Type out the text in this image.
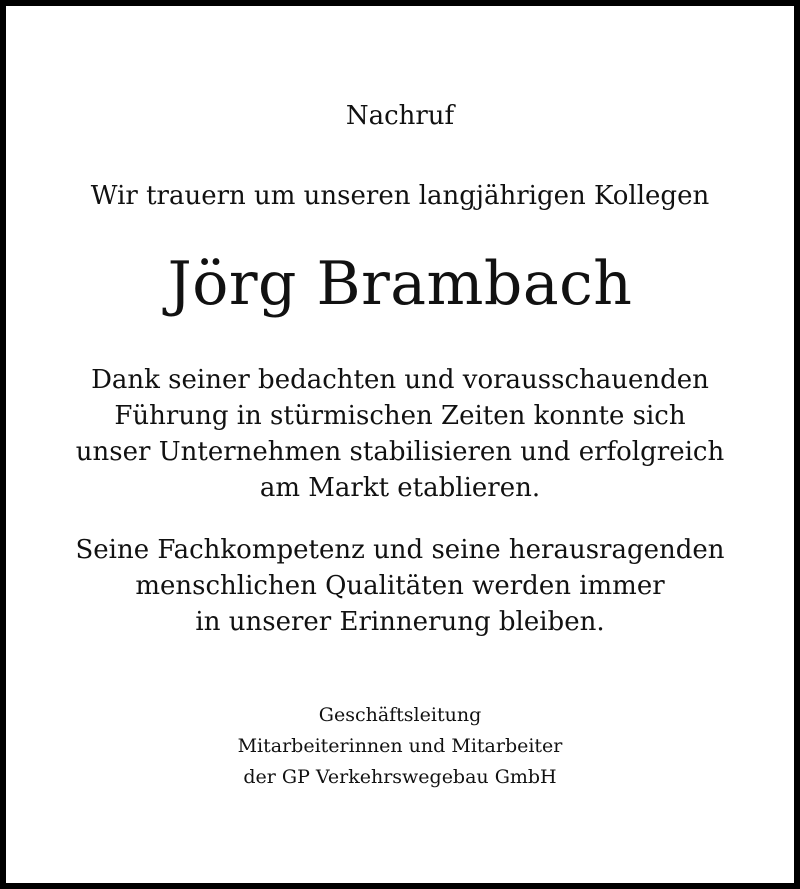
Nachruf

Wir trauern um unseren langjährigen Kollegen

Jörg Brambach

Dank seiner bedachten und vorausschauenden
Führung in stürmischen Zeiten konnte sich
unser Unternehmen stabilisieren und erfolgreich
am Markt etablieren.

Seine Fachkompetenz und seine herausragenden
menschlichen Qualitäten werden immer
in unserer Erinnerung bleiben.

Geschäftsleitung
Mitarbeiterinnen und Mitarbeiter
der GP Verkehrswegebau GmbH
